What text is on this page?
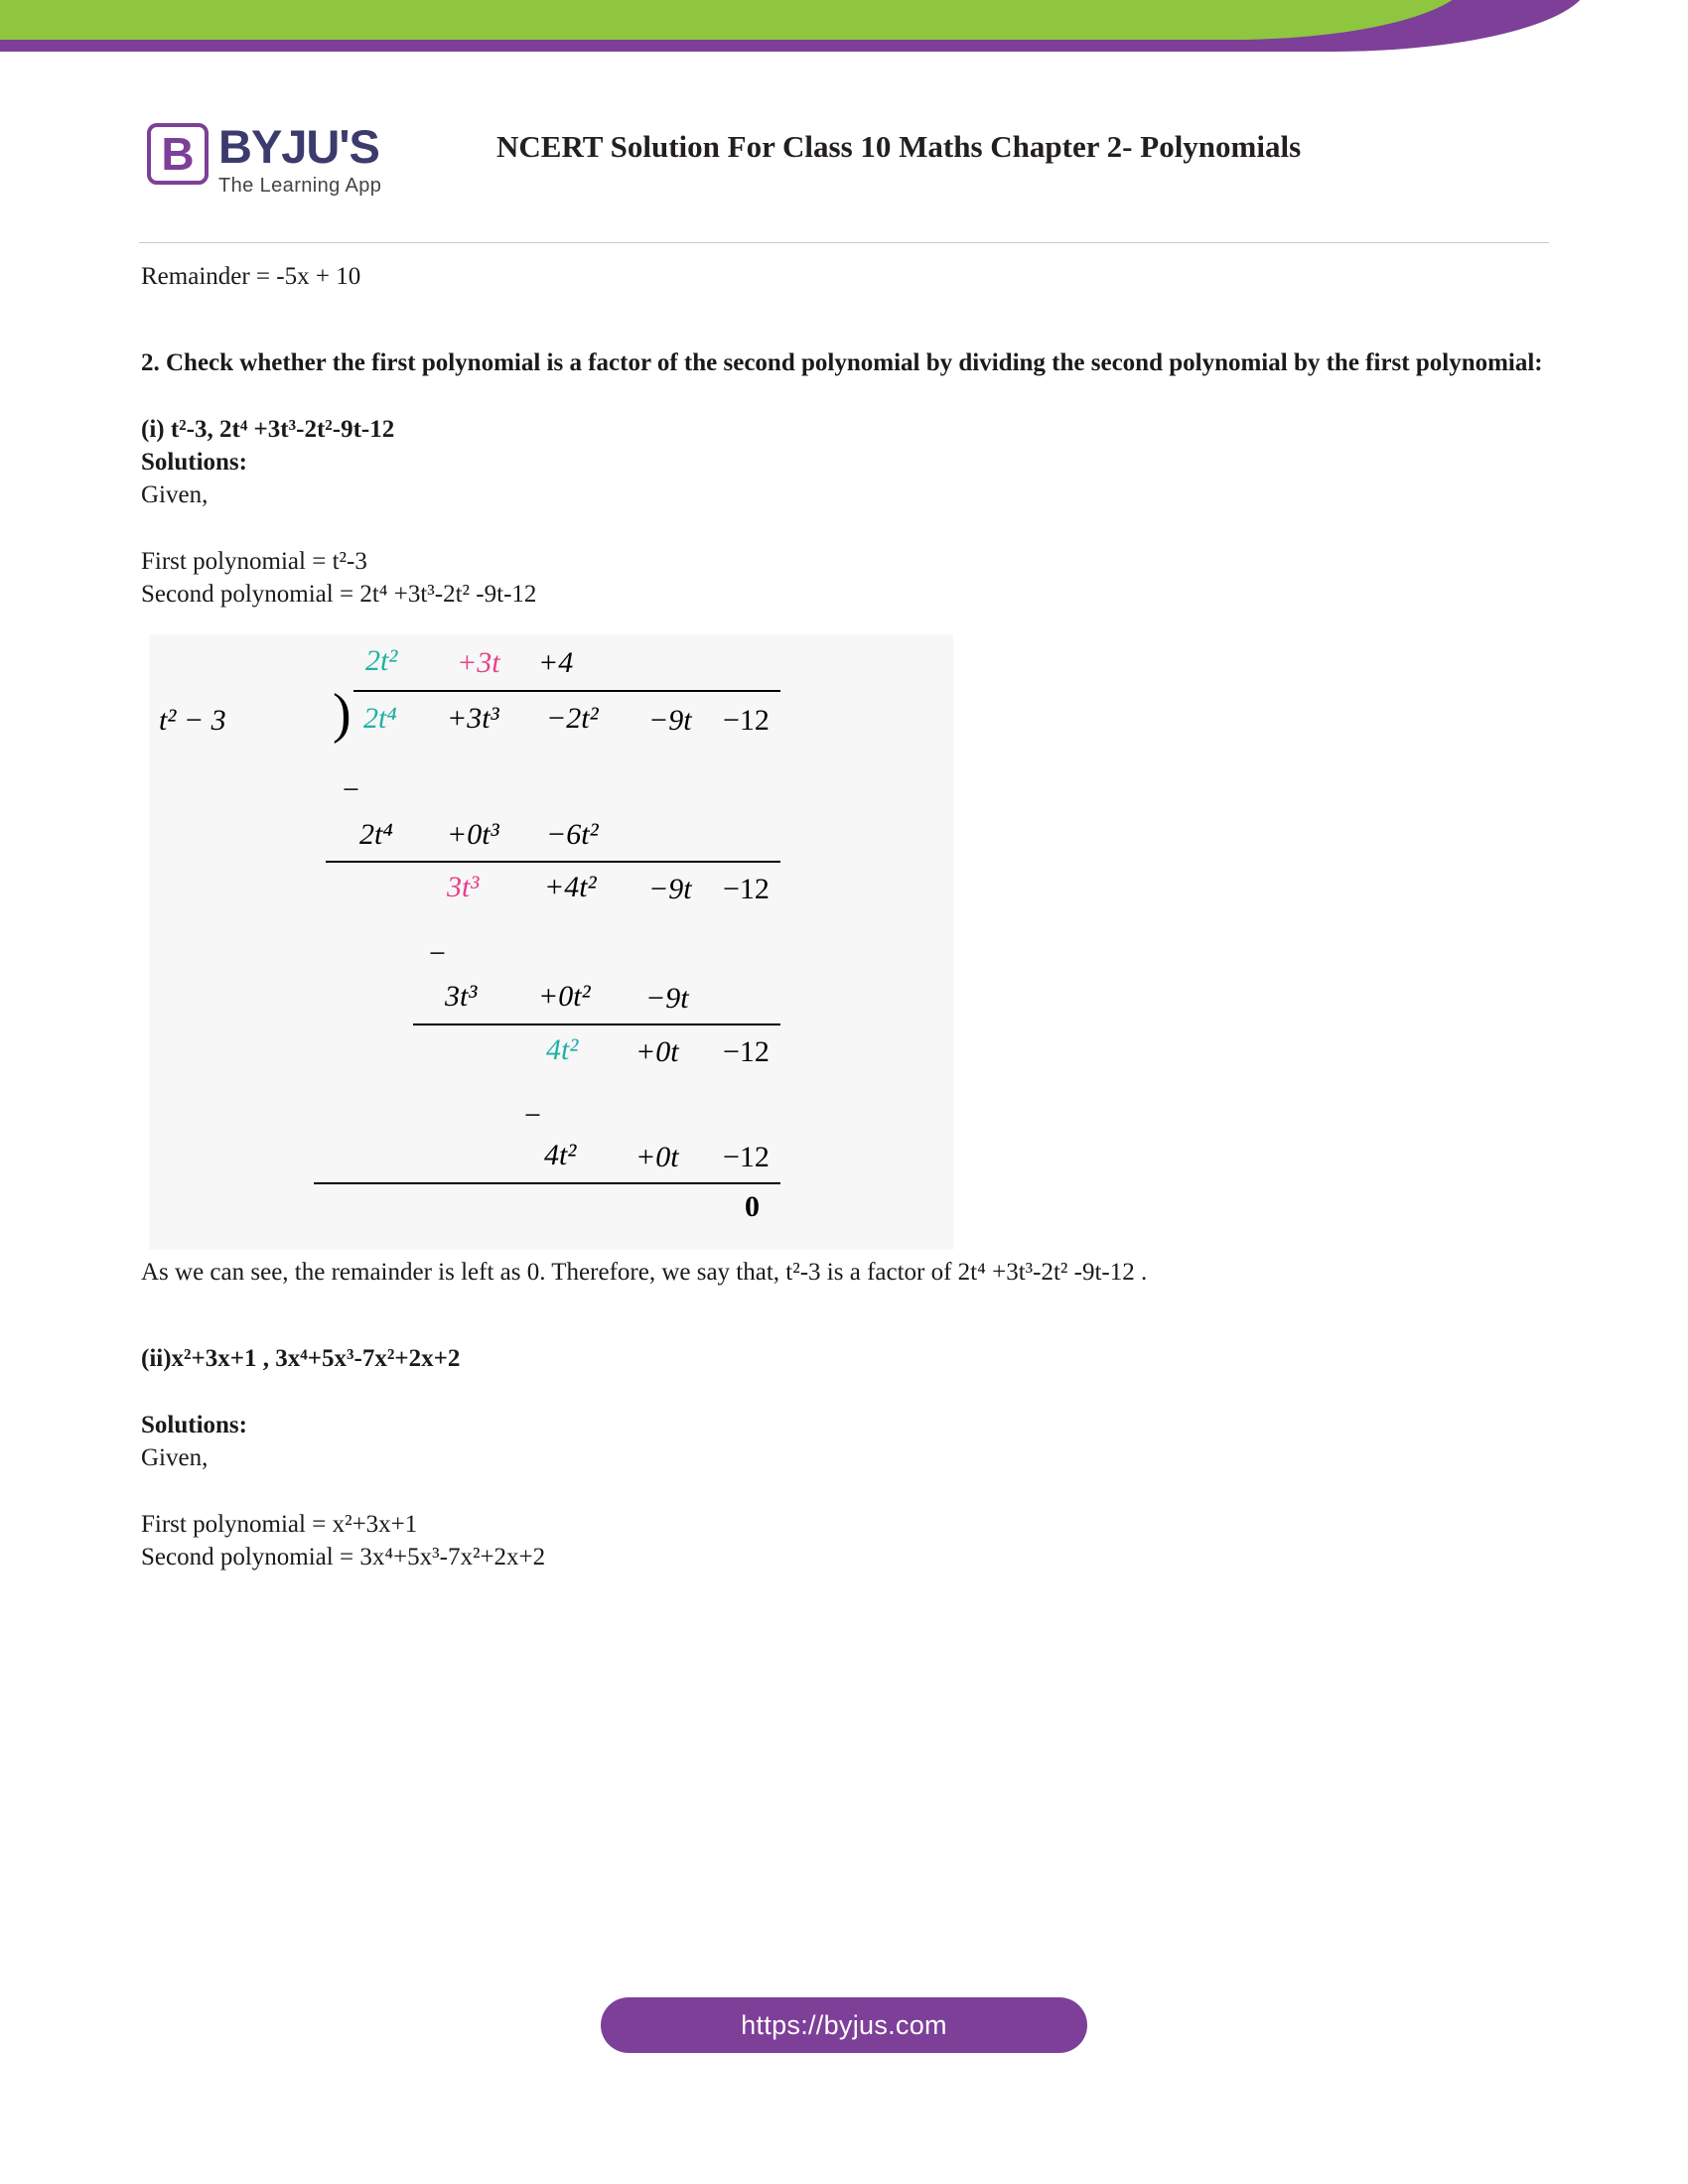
B BYJU'S
The Learning App
NCERT Solution For Class 10 Maths Chapter 2- Polynomials

Remainder = -5x + 10

2. Check whether the first polynomial is a factor of the second polynomial by dividing the second polynomial by the first polynomial:

(i) t²-3, 2t⁴ +3t³-2t²-9t-12

Solutions:

Given,

First polynomial = t²-3

Second polynomial = 2t⁴ +3t³-2t² -9t-12

2t² +3t +4
t² − 3 ) 2t⁴ +3t³ −2t² −9t −12
−
2t⁴ +0t³ −6t²
3t³ +4t² −9t −12
−
3t³ +0t² −9t
4t² +0t −12
−
4t² +0t −12
0

As we can see, the remainder is left as 0. Therefore, we say that, t²-3 is a factor of 2t⁴ +3t³-2t² -9t-12 .

(ii)x²+3x+1 , 3x⁴+5x³-7x²+2x+2

Solutions:

Given,

First polynomial = x²+3x+1

Second polynomial = 3x⁴+5x³-7x²+2x+2

https://byjus.com
